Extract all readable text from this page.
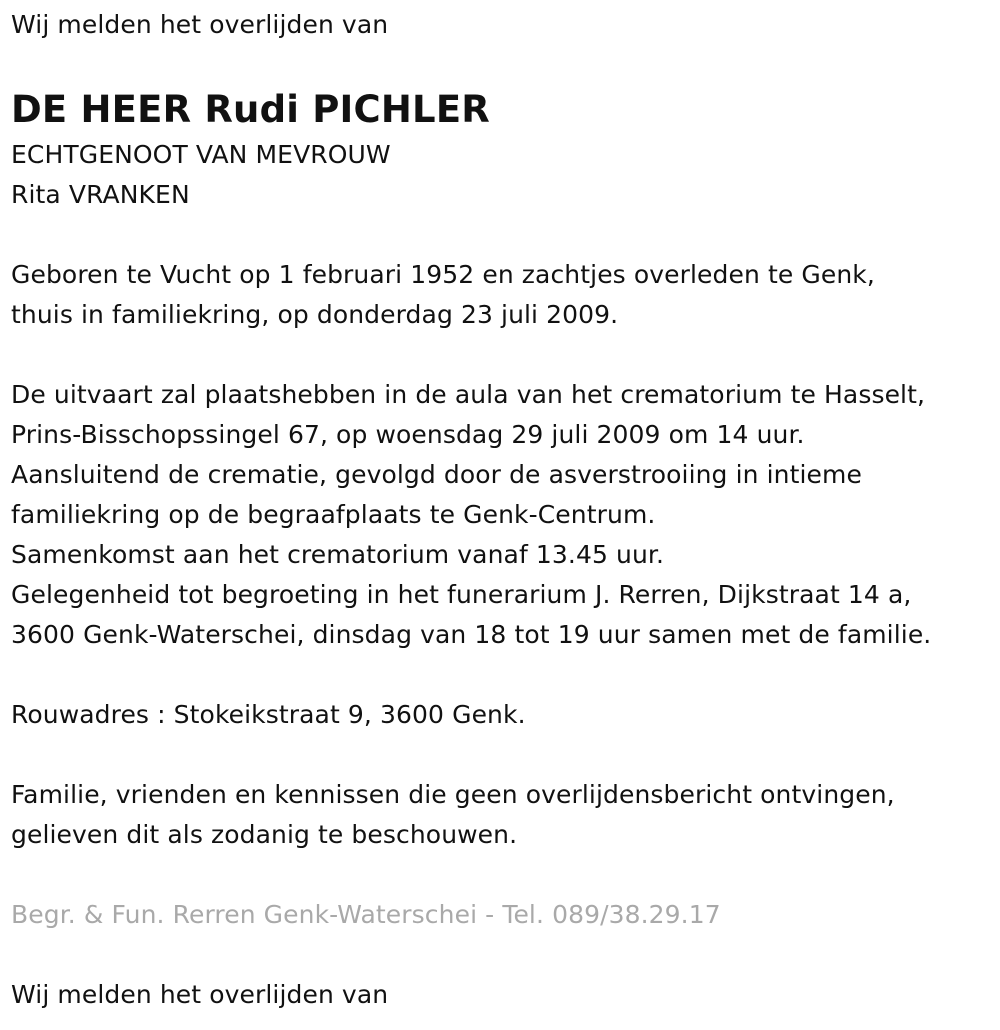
Wij melden het overlijden van
DE HEER Rudi PICHLER
ECHTGENOOT VAN MEVROUW
Rita VRANKEN
Geboren te Vucht op 1 februari 1952 en zachtjes overleden te Genk,
thuis in familiekring, op donderdag 23 juli 2009.
De uitvaart zal plaatshebben in de aula van het crematorium te Hasselt,
Prins-Bisschopssingel 67, op woensdag 29 juli 2009 om 14 uur.
Aansluitend de crematie, gevolgd door de asverstrooiing in intieme
familiekring op de begraafplaats te Genk-Centrum.
Samenkomst aan het crematorium vanaf 13.45 uur.
Gelegenheid tot begroeting in het funerarium J. Rerren, Dijkstraat 14 a,
3600 Genk-Waterschei, dinsdag van 18 tot 19 uur samen met de familie.
Rouwadres : Stokeikstraat 9, 3600 Genk.
Familie, vrienden en kennissen die geen overlijdensbericht ontvingen,
gelieven dit als zodanig te beschouwen.
Begr. & Fun. Rerren Genk-Waterschei - Tel. 089/38.29.17
Wij melden het overlijden van
